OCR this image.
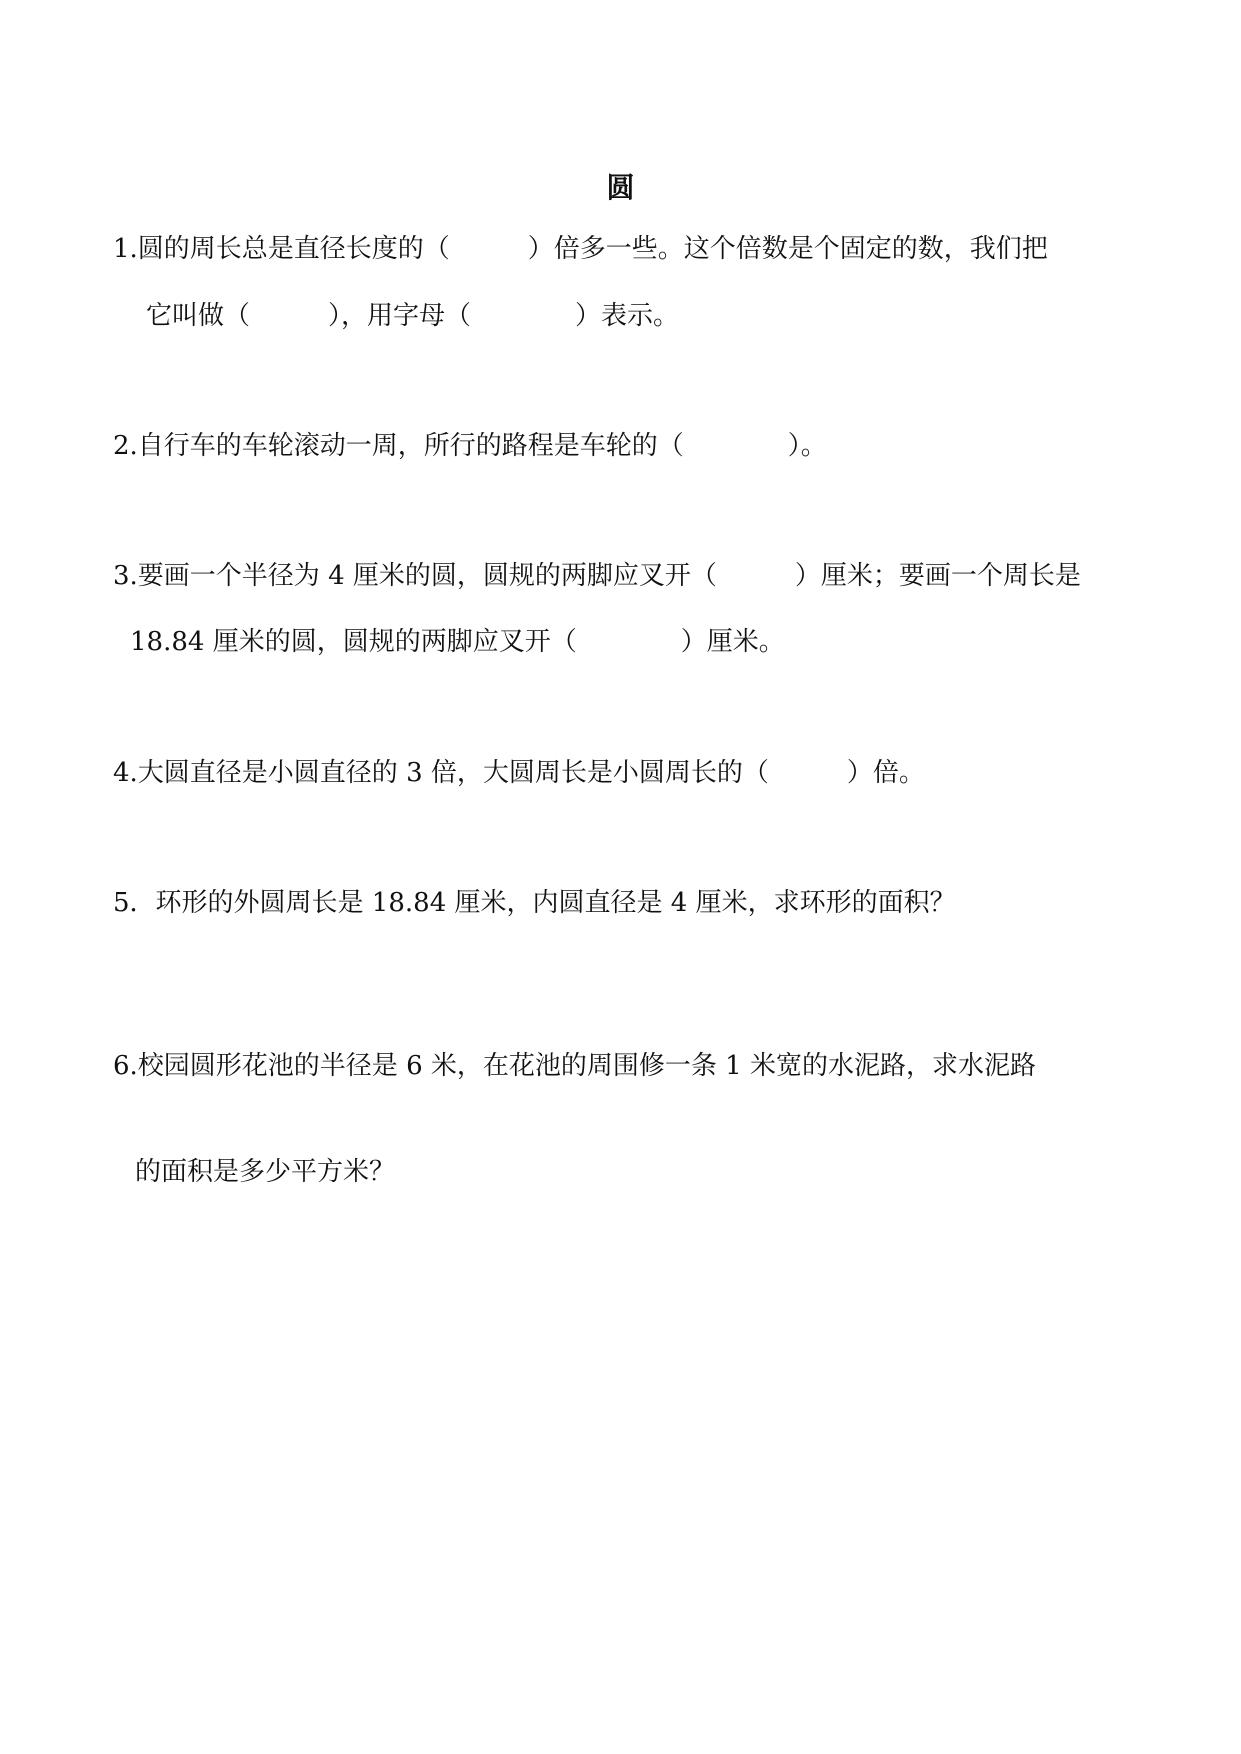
圆
1.圆的周长总是直径长度的（　　　）倍多一些。这个倍数是个固定的数，我们把
它叫做（　　　），用字母（　　　　）表示。
2.自行车的车轮滚动一周，所行的路程是车轮的（　　　　）。
3.要画一个半径为 4 厘米的圆，圆规的两脚应叉开（　　　）厘米；要画一个周长是
18.84 厘米的圆，圆规的两脚应叉开（　　　　）厘米。
4.大圆直径是小圆直径的 3 倍，大圆周长是小圆周长的（　　　）倍。
5．环形的外圆周长是 18.84 厘米，内圆直径是 4 厘米，求环形的面积？
6.校园圆形花池的半径是 6 米，在花池的周围修一条 1 米宽的水泥路，求水泥路
的面积是多少平方米？
